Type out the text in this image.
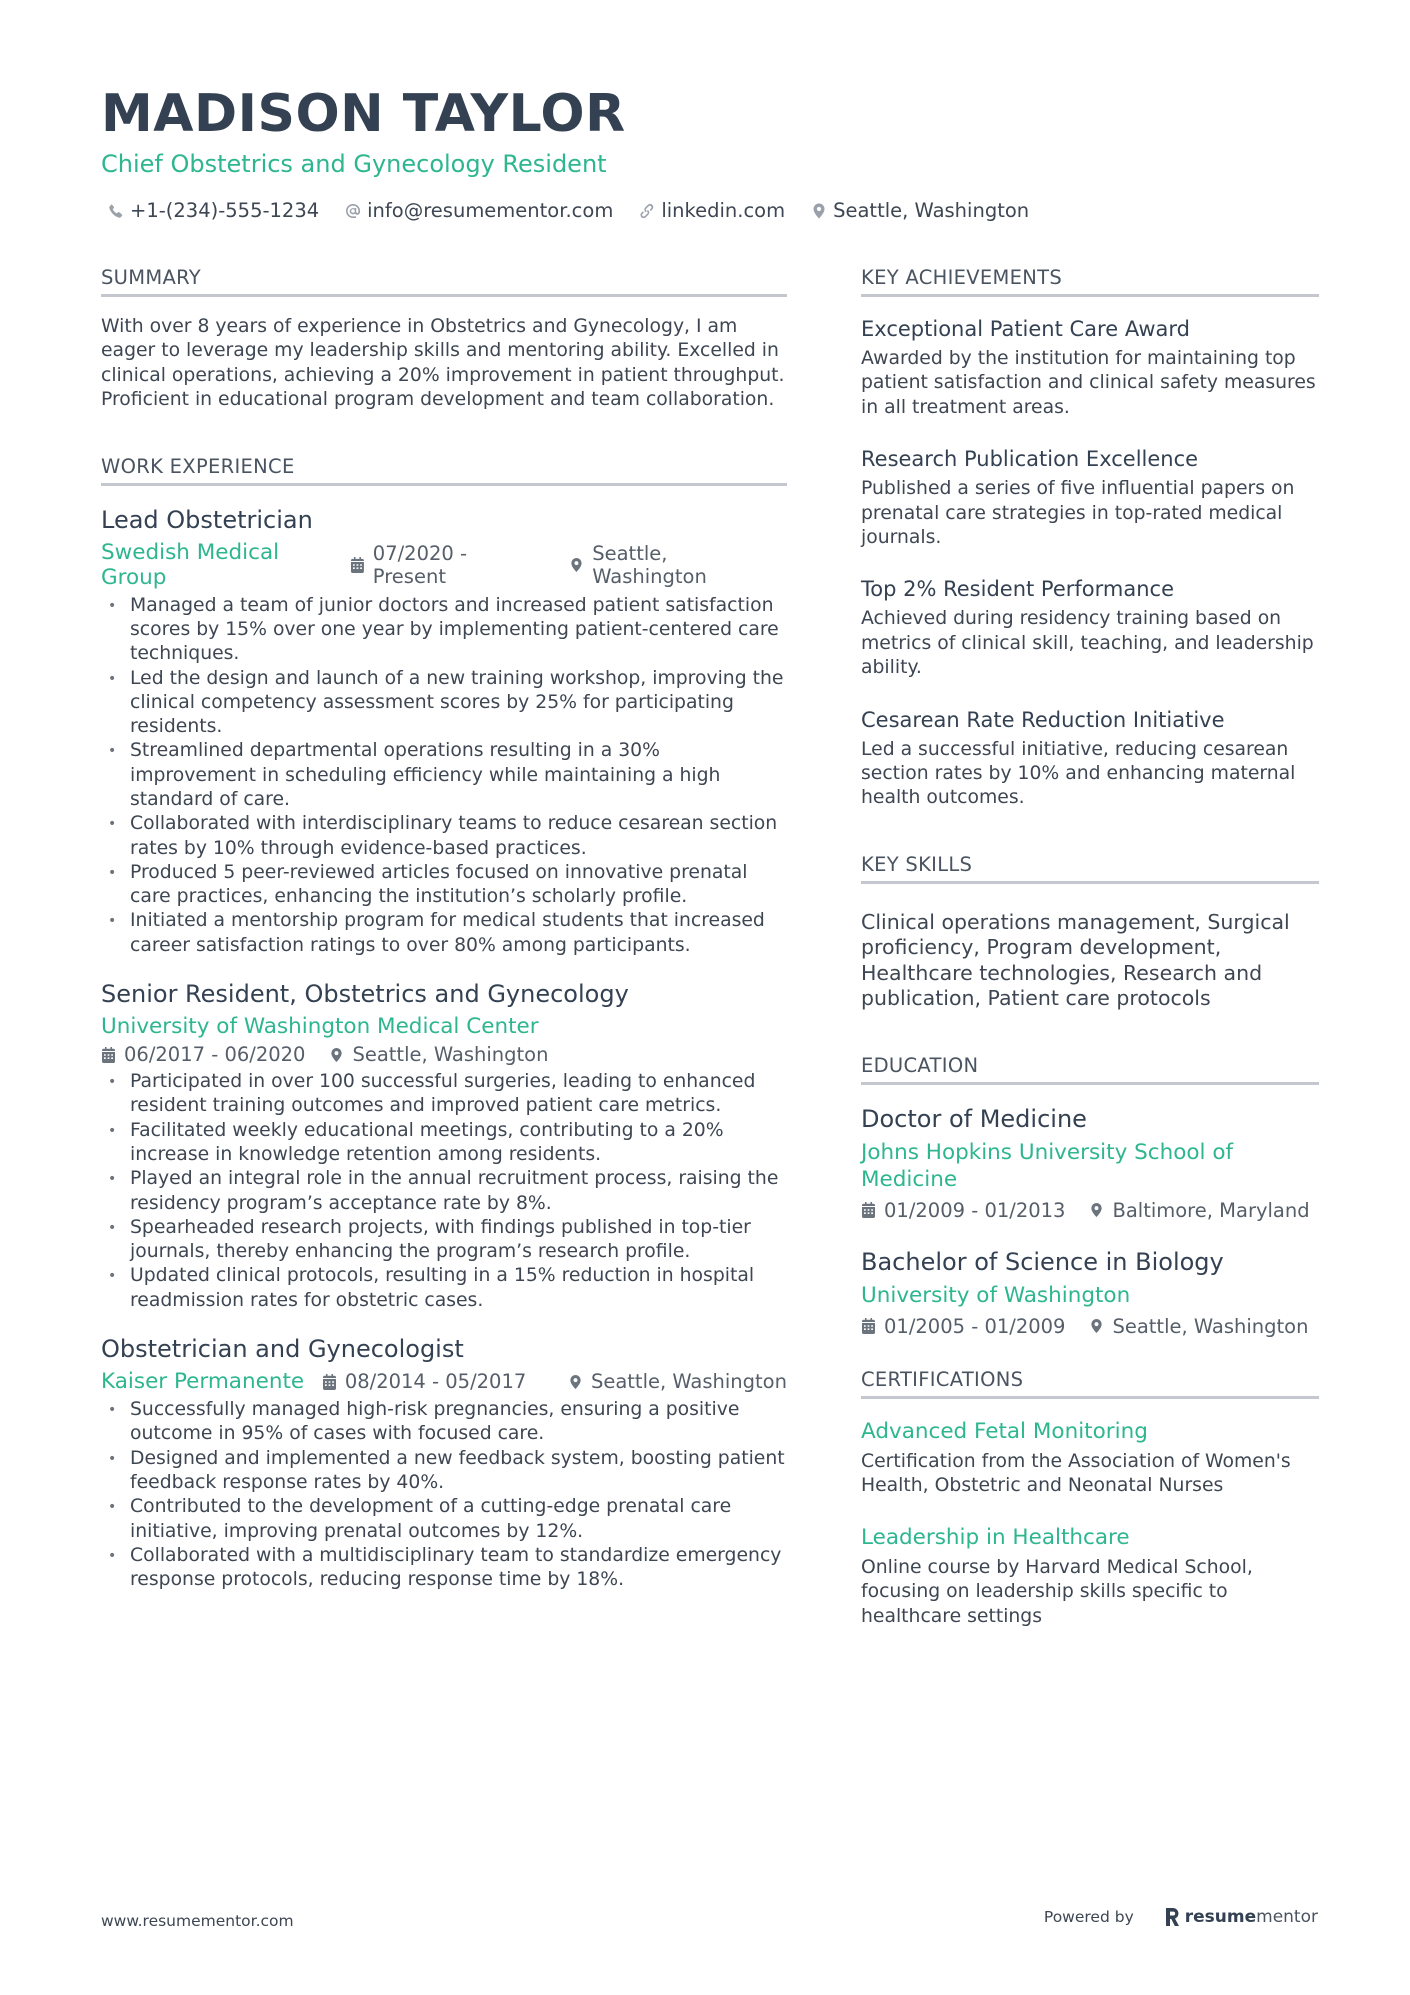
MADISON TAYLOR
Chief Obstetrics and Gynecology Resident
+1-(234)-555-1234 info@resumementor.com linkedin.com Seattle, Washington
SUMMARY
With over 8 years of experience in Obstetrics and Gynecology, I am eager to leverage my leadership skills and mentoring ability. Excelled in clinical operations, achieving a 20% improvement in patient throughput. Proficient in educational program development and team collaboration.
WORK EXPERIENCE
Lead Obstetrician
Swedish Medical Group
07/2020 - Present
Seattle, Washington
• Managed a team of junior doctors and increased patient satisfaction scores by 15% over one year by implementing patient-centered care techniques.
• Led the design and launch of a new training workshop, improving the clinical competency assessment scores by 25% for participating residents.
• Streamlined departmental operations resulting in a 30% improvement in scheduling efficiency while maintaining a high standard of care.
• Collaborated with interdisciplinary teams to reduce cesarean section rates by 10% through evidence-based practices.
• Produced 5 peer-reviewed articles focused on innovative prenatal care practices, enhancing the institution’s scholarly profile.
• Initiated a mentorship program for medical students that increased career satisfaction ratings to over 80% among participants.
Senior Resident, Obstetrics and Gynecology
University of Washington Medical Center
06/2017 - 06/2020 Seattle, Washington
• Participated in over 100 successful surgeries, leading to enhanced resident training outcomes and improved patient care metrics.
• Facilitated weekly educational meetings, contributing to a 20% increase in knowledge retention among residents.
• Played an integral role in the annual recruitment process, raising the residency program’s acceptance rate by 8%.
• Spearheaded research projects, with findings published in top-tier journals, thereby enhancing the program’s research profile.
• Updated clinical protocols, resulting in a 15% reduction in hospital readmission rates for obstetric cases.
Obstetrician and Gynecologist
Kaiser Permanente 08/2014 - 05/2017	Seattle, Washington
• Successfully managed high-risk pregnancies, ensuring a positive outcome in 95% of cases with focused care.
• Designed and implemented a new feedback system, boosting patient feedback response rates by 40%.
• Contributed to the development of a cutting-edge prenatal care initiative, improving prenatal outcomes by 12%.
• Collaborated with a multidisciplinary team to standardize emergency response protocols, reducing response time by 18%.
KEY ACHIEVEMENTS
Exceptional Patient Care Award
Awarded by the institution for maintaining top patient satisfaction and clinical safety measures in all treatment areas.
Research Publication Excellence
Published a series of five influential papers on prenatal care strategies in top-rated medical journals.
Top 2% Resident Performance
Achieved during residency training based on metrics of clinical skill, teaching, and leadership ability.
Cesarean Rate Reduction Initiative
Led a successful initiative, reducing cesarean section rates by 10% and enhancing maternal health outcomes.
KEY SKILLS
Clinical operations management, Surgical proficiency, Program development, Healthcare technologies, Research and publication, Patient care protocols
EDUCATION
Doctor of Medicine
Johns Hopkins University School of Medicine
01/2009 - 01/2013 Baltimore, Maryland
Bachelor of Science in Biology
University of Washington
01/2005 - 01/2009 Seattle, Washington
CERTIFICATIONS
Advanced Fetal Monitoring
Certification from the Association of Women's Health, Obstetric and Neonatal Nurses
Leadership in Healthcare
Online course by Harvard Medical School, focusing on leadership skills specific to healthcare settings
www.resumementor.com	Powered by	resume mentor
